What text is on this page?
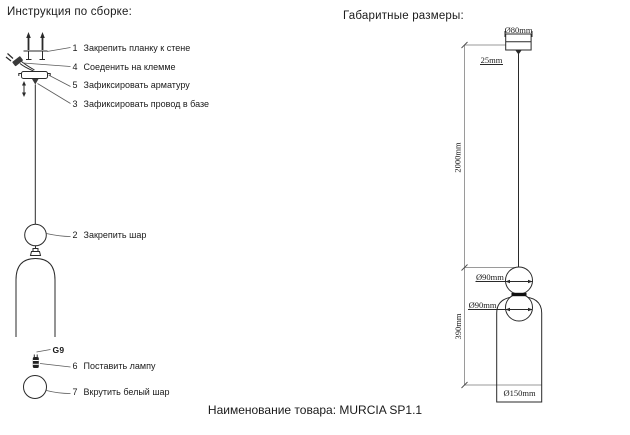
Инструкция по сборке:	Габаритные размеры:
1 Закрепить планку к стене
4 Соеденить на клемме
5 Зафиксировать арматуру
3 Зафиксировать провод в базе
2 Закрепить шар
6 Поставить лампу
7 Вкрутить белый шар
G9
Ø80mm
25mm
2000mm
Ø90mm
Ø90mm
390mm
Ø150mm
Наименование товара: MURCIA SP1.1
